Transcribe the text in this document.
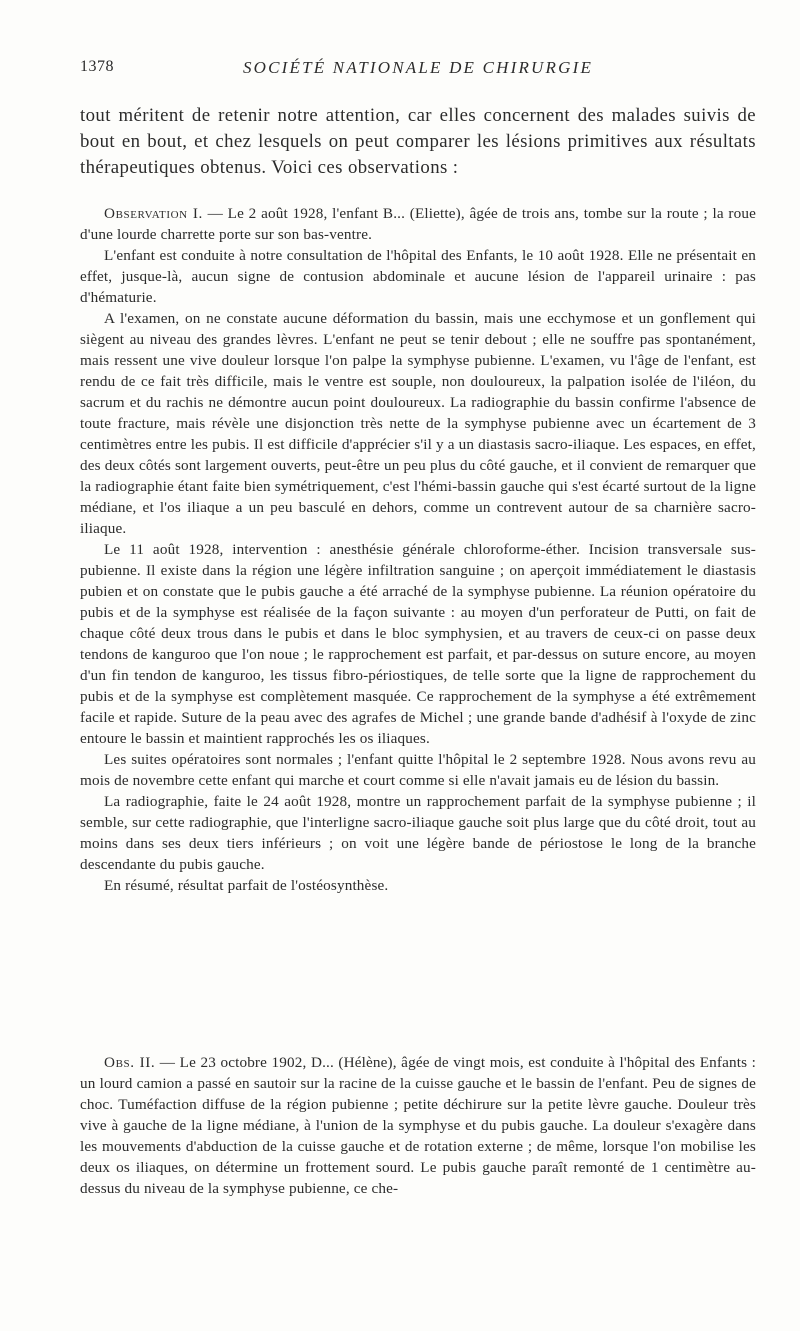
1378	SOCIÉTÉ NATIONALE DE CHIRURGIE

tout méritent de retenir notre attention, car elles concernent des malades suivis de bout en bout, et chez lesquels on peut comparer les lésions primitives aux résultats thérapeutiques obtenus. Voici ces observations :

Observation I. — Le 2 août 1928, l'enfant B... (Eliette), âgée de trois ans, tombe sur la route ; la roue d'une lourde charrette porte sur son bas-ventre.

L'enfant est conduite à notre consultation de l'hôpital des Enfants, le 10 août 1928. Elle ne présentait en effet, jusque-là, aucun signe de contusion abdominale et aucune lésion de l'appareil urinaire : pas d'hématurie.

A l'examen, on ne constate aucune déformation du bassin, mais une ecchymose et un gonflement qui siègent au niveau des grandes lèvres. L'enfant ne peut se tenir debout ; elle ne souffre pas spontanément, mais ressent une vive douleur lorsque l'on palpe la symphyse pubienne. L'examen, vu l'âge de l'enfant, est rendu de ce fait très difficile, mais le ventre est souple, non douloureux, la palpation isolée de l'iléon, du sacrum et du rachis ne démontre aucun point douloureux. La radiographie du bassin confirme l'absence de toute fracture, mais révèle une disjonction très nette de la symphyse pubienne avec un écartement de 3 centimètres entre les pubis. Il est difficile d'apprécier s'il y a un diastasis sacro-iliaque. Les espaces, en effet, des deux côtés sont largement ouverts, peut-être un peu plus du côté gauche, et il convient de remarquer que la radiographie étant faite bien symétriquement, c'est l'hémi-bassin gauche qui s'est écarté surtout de la ligne médiane, et l'os iliaque a un peu basculé en dehors, comme un contrevent autour de sa charnière sacro-iliaque.

Le 11 août 1928, intervention : anesthésie générale chloroforme-éther. Incision transversale sus-pubienne. Il existe dans la région une légère infiltration sanguine ; on aperçoit immédiatement le diastasis pubien et on constate que le pubis gauche a été arraché de la symphyse pubienne. La réunion opératoire du pubis et de la symphyse est réalisée de la façon suivante : au moyen d'un perforateur de Putti, on fait de chaque côté deux trous dans le pubis et dans le bloc symphysien, et au travers de ceux-ci on passe deux tendons de kanguroo que l'on noue ; le rapprochement est parfait, et par-dessus on suture encore, au moyen d'un fin tendon de kanguroo, les tissus fibro-périostiques, de telle sorte que la ligne de rapprochement du pubis et de la symphyse est complètement masquée. Ce rapprochement de la symphyse a été extrêmement facile et rapide. Suture de la peau avec des agrafes de Michel ; une grande bande d'adhésif à l'oxyde de zinc entoure le bassin et maintient rapprochés les os iliaques.

Les suites opératoires sont normales ; l'enfant quitte l'hôpital le 2 septembre 1928. Nous avons revu au mois de novembre cette enfant qui marche et court comme si elle n'avait jamais eu de lésion du bassin.

La radiographie, faite le 24 août 1928, montre un rapprochement parfait de la symphyse pubienne ; il semble, sur cette radiographie, que l'interligne sacro-iliaque gauche soit plus large que du côté droit, tout au moins dans ses deux tiers inférieurs ; on voit une légère bande de périostose le long de la branche descendante du pubis gauche.

En résumé, résultat parfait de l'ostéosynthèse.

Obs. II. — Le 23 octobre 1902, D... (Hélène), âgée de vingt mois, est conduite à l'hôpital des Enfants : un lourd camion a passé en sautoir sur la racine de la cuisse gauche et le bassin de l'enfant. Peu de signes de choc. Tuméfaction diffuse de la région pubienne ; petite déchirure sur la petite lèvre gauche. Douleur très vive à gauche de la ligne médiane, à l'union de la symphyse et du pubis gauche. La douleur s'exagère dans les mouvements d'abduction de la cuisse gauche et de rotation externe ; de même, lorsque l'on mobilise les deux os iliaques, on détermine un frottement sourd. Le pubis gauche paraît remonté de 1 centimètre au-dessus du niveau de la symphyse pubienne, ce che-
